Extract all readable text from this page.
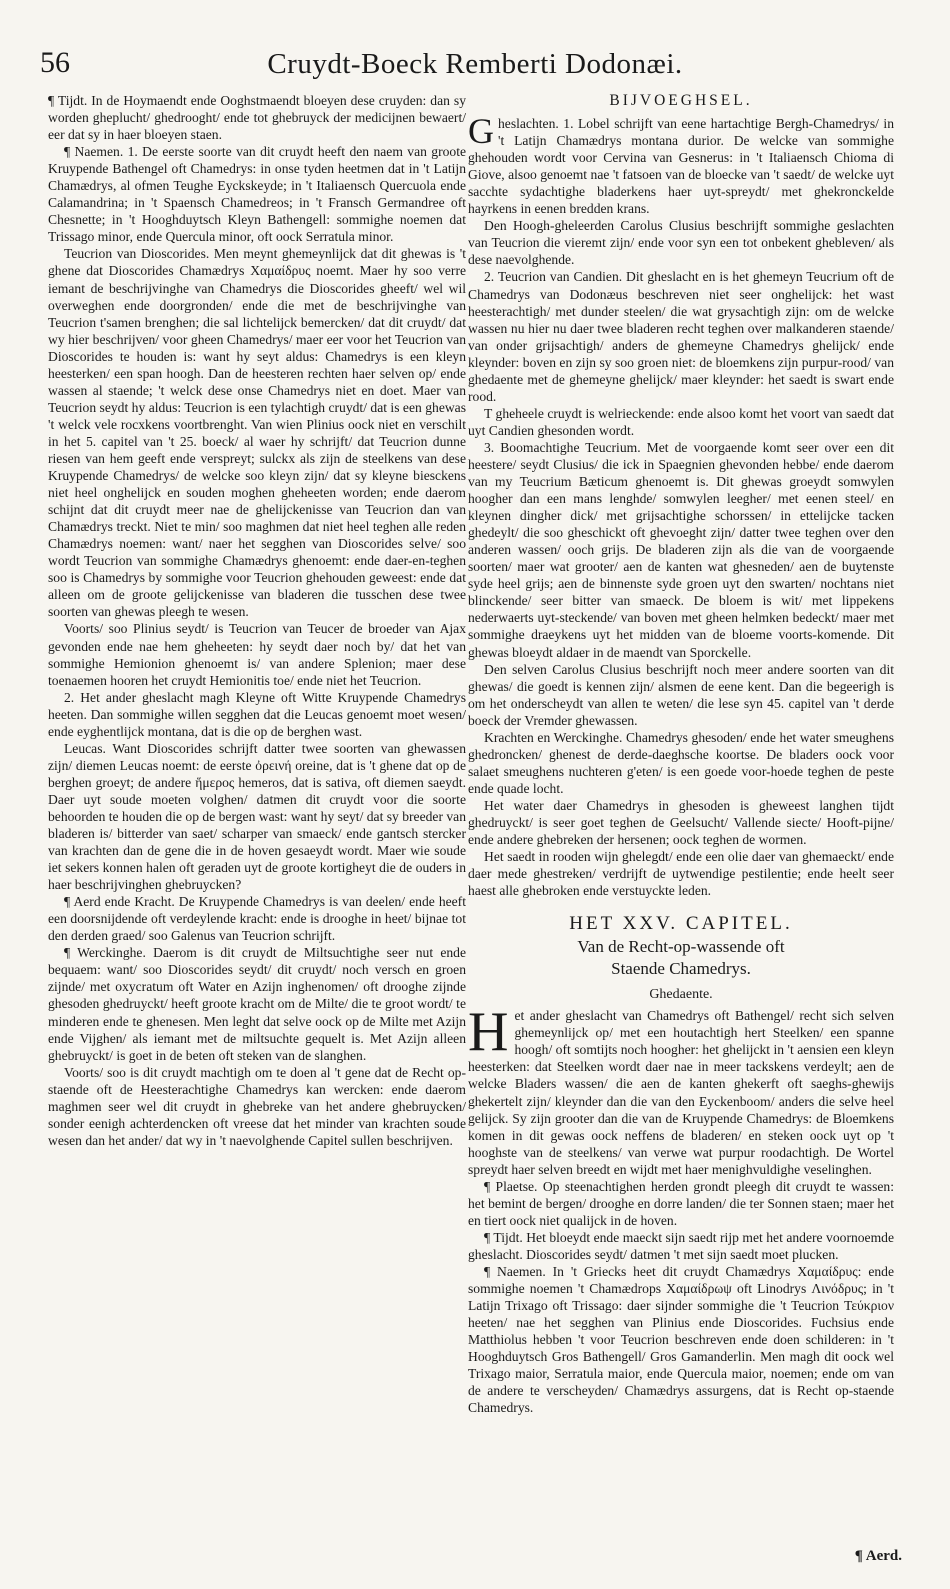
56	Cruydt-Boeck Remberti Dodonæi.

¶ Tijdt. In de Hoymaendt ende Ooghstmaendt bloeyen dese cruyden: dan sy worden gheplucht/ ghedrooght/ ende tot ghebruyck der medicijnen bewaert/ eer dat sy in haer bloeyen staen.

¶ Naemen. 1. De eerste soorte van dit cruydt heeft den naem van groote Kruypende Bathengel oft Chamedrys: in onse tyden heetmen dat in 't Latijn Chamædrys, al ofmen Teughe Eyckskeyde; in 't Italiaensch Quercuola ende Calamandrina; in 't Spaensch Chamedreos; in 't Fransch Germandree oft Chesnette; in 't Hooghduytsch Kleyn Bathengell: sommighe noemen dat Trissago minor, ende Quercula minor, oft oock Serratula minor.

Teucrion van Dioscorides. Men meynt ghemeynlijck dat dit ghewas is 't ghene dat Dioscorides Chamædrys Χαμαίδρυς noemt. Maer hy soo verre iemant de beschrijvinghe van Chamedrys die Dioscorides gheeft/ wel wil overweghen ende doorgronden/ ende die met de beschrijvinghe van Teucrion t'samen brenghen; die sal lichtelijck bemercken/ dat dit cruydt/ dat wy hier beschrijven/ voor gheen Chamedrys/ maer eer voor het Teucrion van Dioscorides te houden is: want hy seyt aldus: Chamedrys is een kleyn heesterken/ een span hoogh. Dan de heesteren rechten haer selven op/ ende wassen al staende; 't welck dese onse Chamedrys niet en doet. Maer van Teucrion seydt hy aldus: Teucrion is een tylachtigh cruydt/ dat is een ghewas 't welck vele rocxkens voortbrenght. Van wien Plinius oock niet en verschilt in het 5. capitel van 't 25. boeck/ al waer hy schrijft/ dat Teucrion dunne riesen van hem geeft ende verspreyt; sulckx als zijn de steelkens van dese Kruypende Chamedrys/ de welcke soo kleyn zijn/ dat sy kleyne biesckens niet heel onghelijck en souden moghen gheheeten worden; ende daerom schijnt dat dit cruydt meer nae de ghelijckenisse van Teucrion dan van Chamædrys treckt. Niet te min/ soo maghmen dat niet heel teghen alle reden Chamædrys noemen: want/ naer het segghen van Dioscorides selve/ soo wordt Teucrion van sommighe Chamædrys ghenoemt: ende daer-en-teghen soo is Chamedrys by sommighe voor Teucrion ghehouden geweest: ende dat alleen om de groote gelijckenisse van bladeren die tusschen dese twee soorten van ghewas pleegh te wesen.

Voorts/ soo Plinius seydt/ is Teucrion van Teucer de broeder van Ajax gevonden ende nae hem gheheeten: hy seydt daer noch by/ dat het van sommighe Hemionion ghenoemt is/ van andere Splenion; maer dese toenaemen hooren het cruydt Hemionitis toe/ ende niet het Teucrion.

2. Het ander gheslacht magh Kleyne oft Witte Kruypende Chamedrys heeten. Dan sommighe willen segghen dat die Leucas genoemt moet wesen/ ende eyghentlijck montana, dat is die op de berghen wast.

Leucas. Want Dioscorides schrijft datter twee soorten van ghewassen zijn/ diemen Leucas noemt: de eerste ὀρεινή oreine, dat is 't ghene dat op de berghen groeyt; de andere ἥμερος hemeros, dat is sativa, oft diemen saeydt. Daer uyt soude moeten volghen/ datmen dit cruydt voor die soorte behoorden te houden die op de bergen wast: want hy seyt/ dat sy breeder van bladeren is/ bitterder van saet/ scharper van smaeck/ ende gantsch stercker van krachten dan de gene die in de hoven gesaeydt wordt. Maer wie soude iet sekers konnen halen oft geraden uyt de groote kortigheyt die de ouders in haer beschrijvinghen ghebruycken?

¶ Aerd ende Kracht. De Kruypende Chamedrys is van deelen/ ende heeft een doorsnijdende oft verdeylende kracht: ende is drooghe in heet/ bijnae tot den derden graed/ soo Galenus van Teucrion schrijft.

¶ Werckinghe. Daerom is dit cruydt de Miltsuchtighe seer nut ende bequaem: want/ soo Dioscorides seydt/ dit cruydt/ noch versch en groen zijnde/ met oxycratum oft Water en Azijn inghenomen/ oft drooghe zijnde ghesoden ghedruyckt/ heeft groote kracht om de Milte/ die te groot wordt/ te minderen ende te ghenesen. Men leght dat selve oock op de Milte met Azijn ende Vijghen/ als iemant met de miltsuchte gequelt is. Met Azijn alleen ghebruyckt/ is goet in de beten oft steken van de slanghen.

Voorts/ soo is dit cruydt machtigh om te doen al 't gene dat de Recht op-staende oft de Heesterachtighe Chamedrys kan wercken: ende daerom maghmen seer wel dit cruydt in ghebreke van het andere ghebruycken/ sonder eenigh achterdencken oft vreese dat het minder van krachten soude wesen dan het ander/ dat wy in 't naevolghende Capitel sullen beschrijven.

BIJVOEGHSEL.

Gheslachten. 1. Lobel schrijft van eene hartachtige Bergh-Chamedrys/ in 't Latijn Chamædrys montana durior. De welcke van sommighe ghehouden wordt voor Cervina van Gesnerus: in 't Italiaensch Chioma di Giove, alsoo genoemt nae 't fatsoen van de bloecke van 't saedt/ de welcke uyt sacchte sydachtighe bladerkens haer uyt-spreydt/ met ghekronckelde hayrkens in eenen bredden krans.

Den Hoogh-gheleerden Carolus Clusius beschrijft sommighe geslachten van Teucrion die vieremt zijn/ ende voor syn een tot onbekent ghebleven/ als dese naevolghende.

2. Teucrion van Candien. Dit gheslacht en is het ghemeyn Teucrium oft de Chamedrys van Dodonæus beschreven niet seer onghelijck: het wast heesterachtigh/ met dunder steelen/ die wat grysachtigh zijn: om de welcke wassen nu hier nu daer twee bladeren recht teghen over malkanderen staende/ van onder grijsachtigh/ anders de ghemeyne Chamedrys ghelijck/ ende kleynder: boven en zijn sy soo groen niet: de bloemkens zijn purpur-rood/ van ghedaente met de ghemeyne ghelijck/ maer kleynder: het saedt is swart ende rood.

T gheheele cruydt is welrieckende: ende alsoo komt het voort van saedt dat uyt Candien ghesonden wordt.

3. Boomachtighe Teucrium. Met de voorgaende komt seer over een dit heestere/ seydt Clusius/ die ick in Spaegnien ghevonden hebbe/ ende daerom van my Teucrium Bæticum ghenoemt is. Dit ghewas groeydt somwylen hoogher dan een mans lenghde/ somwylen leegher/ met eenen steel/ en kleynen dingher dick/ met grijsachtighe schorssen/ in ettelijcke tacken ghedeylt/ die soo gheschickt oft ghevoeght zijn/ datter twee teghen over den anderen wassen/ ooch grijs. De bladeren zijn als die van de voorgaende soorten/ maer wat grooter/ aen de kanten wat ghesneden/ aen de buytenste syde heel grijs; aen de binnenste syde groen uyt den swarten/ nochtans niet blinckende/ seer bitter van smaeck. De bloem is wit/ met lippekens nederwaerts uyt-steckende/ van boven met gheen helmken bedeckt/ maer met sommighe draeykens uyt het midden van de bloeme voorts-komende. Dit ghewas bloeydt aldaer in de maendt van Sporckelle.

Den selven Carolus Clusius beschrijft noch meer andere soorten van dit ghewas/ die goedt is kennen zijn/ alsmen de eene kent. Dan die begeerigh is om het onderscheydt van allen te weten/ die lese syn 45. capitel van 't derde boeck der Vremder ghewassen.

Krachten en Werckinghe. Chamedrys ghesoden/ ende het water smeughens ghedroncken/ ghenest de derde-daeghsche koortse. De bladers oock voor salaet smeughens nuchteren g'eten/ is een goede voor-hoede teghen de peste ende quade locht.

Het water daer Chamedrys in ghesoden is gheweest langhen tijdt ghedruyckt/ is seer goet teghen de Geelsucht/ Vallende siecte/ Hooft-pijne/ ende andere ghebreken der hersenen; oock teghen de wormen.

Het saedt in rooden wijn ghelegdt/ ende een olie daer van ghemaeckt/ ende daer mede ghestreken/ verdrijft de uytwendige pestilentie; ende heelt seer haest alle ghebroken ende verstuyckte leden.

HET XXV. CAPITEL.
Van de Recht-op-wassende oft
Staende Chamedrys.
Ghedaente.

Het ander gheslacht van Chamedrys oft Bathengel/ recht sich selven ghemeynlijck op/ met een houtachtigh hert Steelken/ een spanne hoogh/ oft somtijts noch hoogher: het ghelijckt in 't aensien een kleyn heesterken: dat Steelken wordt daer nae in meer tackskens verdeylt; aen de welcke Bladers wassen/ die aen de kanten ghekerft oft saeghs-ghewijs ghekertelt zijn/ kleynder dan die van den Eyckenboom/ anders die selve heel gelijck. Sy zijn grooter dan die van de Kruypende Chamedrys: de Bloemkens komen in dit gewas oock neffens de bladeren/ en steken oock uyt op 't hooghste van de steelkens/ van verwe wat purpur roodachtigh. De Wortel spreydt haer selven breedt en wijdt met haer menighvuldighe veselinghen.

¶ Plaetse. Op steenachtighen herden grondt pleegh dit cruydt te wassen: het bemint de bergen/ drooghe en dorre landen/ die ter Sonnen staen; maer het en tiert oock niet qualijck in de hoven.

¶ Tijdt. Het bloeydt ende maeckt sijn saedt rijp met het andere voornoemde gheslacht. Dioscorides seydt/ datmen 't met sijn saedt moet plucken.

¶ Naemen. In 't Griecks heet dit cruydt Chamædrys Χαμαίδρυς: ende sommighe noemen 't Chamædrops Χαμαίδρωψ oft Linodrys Λινόδρυς; in 't Latijn Trixago oft Trissago: daer sijnder sommighe die 't Teucrion Τεύκριον heeten/ nae het segghen van Plinius ende Dioscorides. Fuchsius ende Matthiolus hebben 't voor Teucrion beschreven ende doen schilderen: in 't Hooghduytsch Gros Bathengell/ Gros Gamanderlin. Men magh dit oock wel Trixago maior, Serratula maior, ende Quercula maior, noemen; ende om van de andere te verscheyden/ Chamædrys assurgens, dat is Recht op-staende Chamedrys.

¶ Aerd.
